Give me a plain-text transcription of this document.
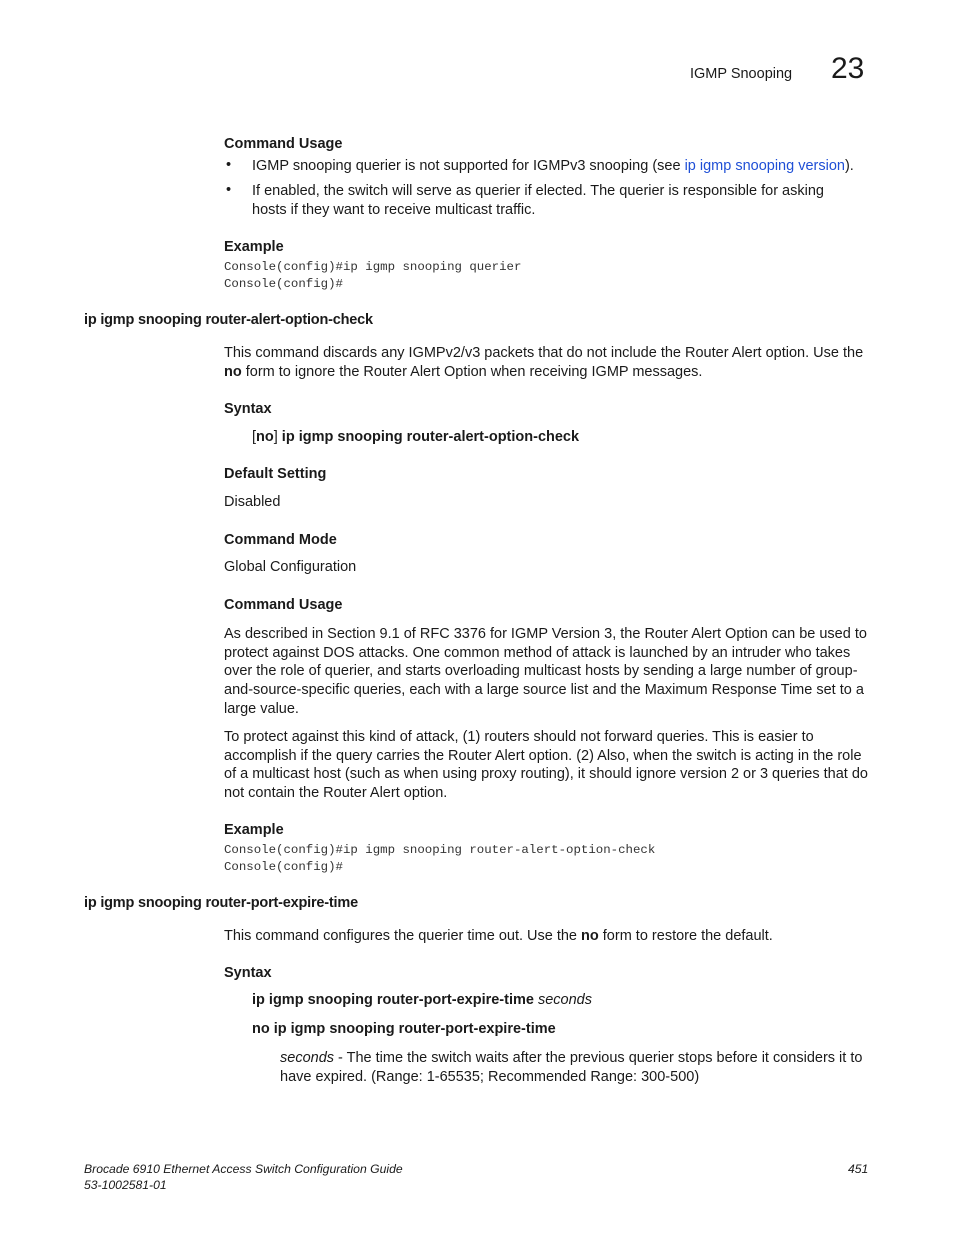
IGMP Snooping 23
Command Usage
• IGMP snooping querier is not supported for IGMPv3 snooping (see ip igmp snooping version).
• If enabled, the switch will serve as querier if elected. The querier is responsible for asking hosts if they want to receive multicast traffic.
Example
Console(config)#ip igmp snooping querier
Console(config)#
ip igmp snooping router-alert-option-check
This command discards any IGMPv2/v3 packets that do not include the Router Alert option. Use the no form to ignore the Router Alert Option when receiving IGMP messages.
Syntax
[no] ip igmp snooping router-alert-option-check
Default Setting
Disabled
Command Mode
Global Configuration
Command Usage
As described in Section 9.1 of RFC 3376 for IGMP Version 3, the Router Alert Option can be used to protect against DOS attacks. One common method of attack is launched by an intruder who takes over the role of querier, and starts overloading multicast hosts by sending a large number of group-and-source-specific queries, each with a large source list and the Maximum Response Time set to a large value.
To protect against this kind of attack, (1) routers should not forward queries. This is easier to accomplish if the query carries the Router Alert option. (2) Also, when the switch is acting in the role of a multicast host (such as when using proxy routing), it should ignore version 2 or 3 queries that do not contain the Router Alert option.
Example
Console(config)#ip igmp snooping router-alert-option-check
Console(config)#
ip igmp snooping router-port-expire-time
This command configures the querier time out. Use the no form to restore the default.
Syntax
ip igmp snooping router-port-expire-time seconds
no ip igmp snooping router-port-expire-time
seconds - The time the switch waits after the previous querier stops before it considers it to have expired. (Range: 1-65535; Recommended Range: 300-500)
Brocade 6910 Ethernet Access Switch Configuration Guide
53-1002581-01
451
